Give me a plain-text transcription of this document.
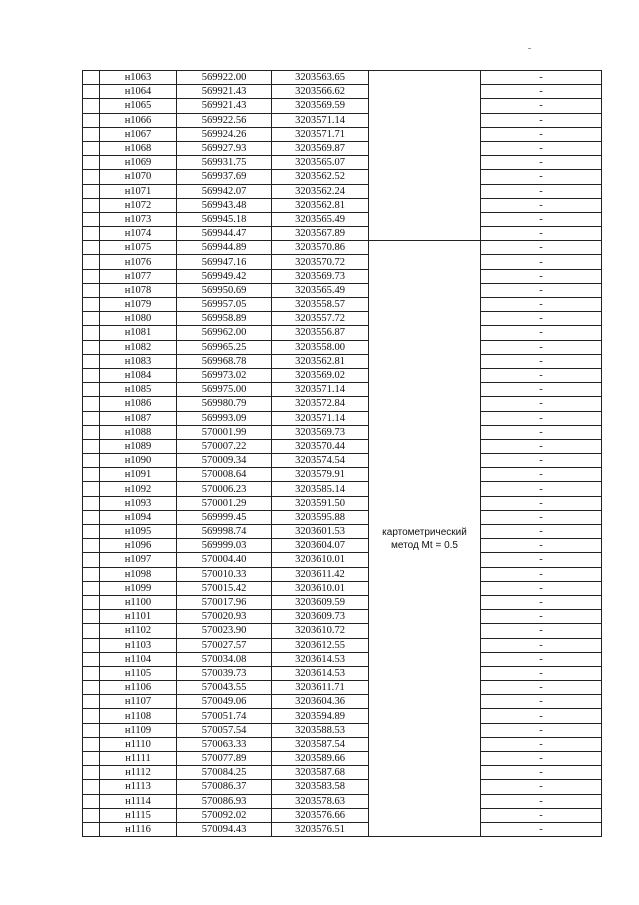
	н1063	569922.00	3203563.65		-
	н1064	569921.43	3203566.62		-
	н1065	569921.43	3203569.59		-
	н1066	569922.56	3203571.14		-
	н1067	569924.26	3203571.71		-
	н1068	569927.93	3203569.87		-
	н1069	569931.75	3203565.07		-
	н1070	569937.69	3203562.52		-
	н1071	569942.07	3203562.24		-
	н1072	569943.48	3203562.81		-
	н1073	569945.18	3203565.49		-
	н1074	569944.47	3203567.89		-
	н1075	569944.89	3203570.86	картометрический метод Mt = 0.5	-
	н1076	569947.16	3203570.72		-
	н1077	569949.42	3203569.73		-
	н1078	569950.69	3203565.49		-
	н1079	569957.05	3203558.57		-
	н1080	569958.89	3203557.72		-
	н1081	569962.00	3203556.87		-
	н1082	569965.25	3203558.00		-
	н1083	569968.78	3203562.81		-
	н1084	569973.02	3203569.02		-
	н1085	569975.00	3203571.14		-
	н1086	569980.79	3203572.84		-
	н1087	569993.09	3203571.14		-
	н1088	570001.99	3203569.73		-
	н1089	570007.22	3203570.44		-
	н1090	570009.34	3203574.54		-
	н1091	570008.64	3203579.91		-
	н1092	570006.23	3203585.14		-
	н1093	570001.29	3203591.50		-
	н1094	569999.45	3203595.88		-
	н1095	569998.74	3203601.53		-
	н1096	569999.03	3203604.07		-
	н1097	570004.40	3203610.01		-
	н1098	570010.33	3203611.42		-
	н1099	570015.42	3203610.01		-
	н1100	570017.96	3203609.59		-
	н1101	570020.93	3203609.73		-
	н1102	570023.90	3203610.72		-
	н1103	570027.57	3203612.55		-
	н1104	570034.08	3203614.53		-
	н1105	570039.73	3203614.53		-
	н1106	570043.55	3203611.71		-
	н1107	570049.06	3203604.36		-
	н1108	570051.74	3203594.89		-
	н1109	570057.54	3203588.53		-
	н1110	570063.33	3203587.54		-
	н1111	570077.89	3203589.66		-
	н1112	570084.25	3203587.68		-
	н1113	570086.37	3203583.58		-
	н1114	570086.93	3203578.63		-
	н1115	570092.02	3203576.66		-
	н1116	570094.43	3203576.51		-
